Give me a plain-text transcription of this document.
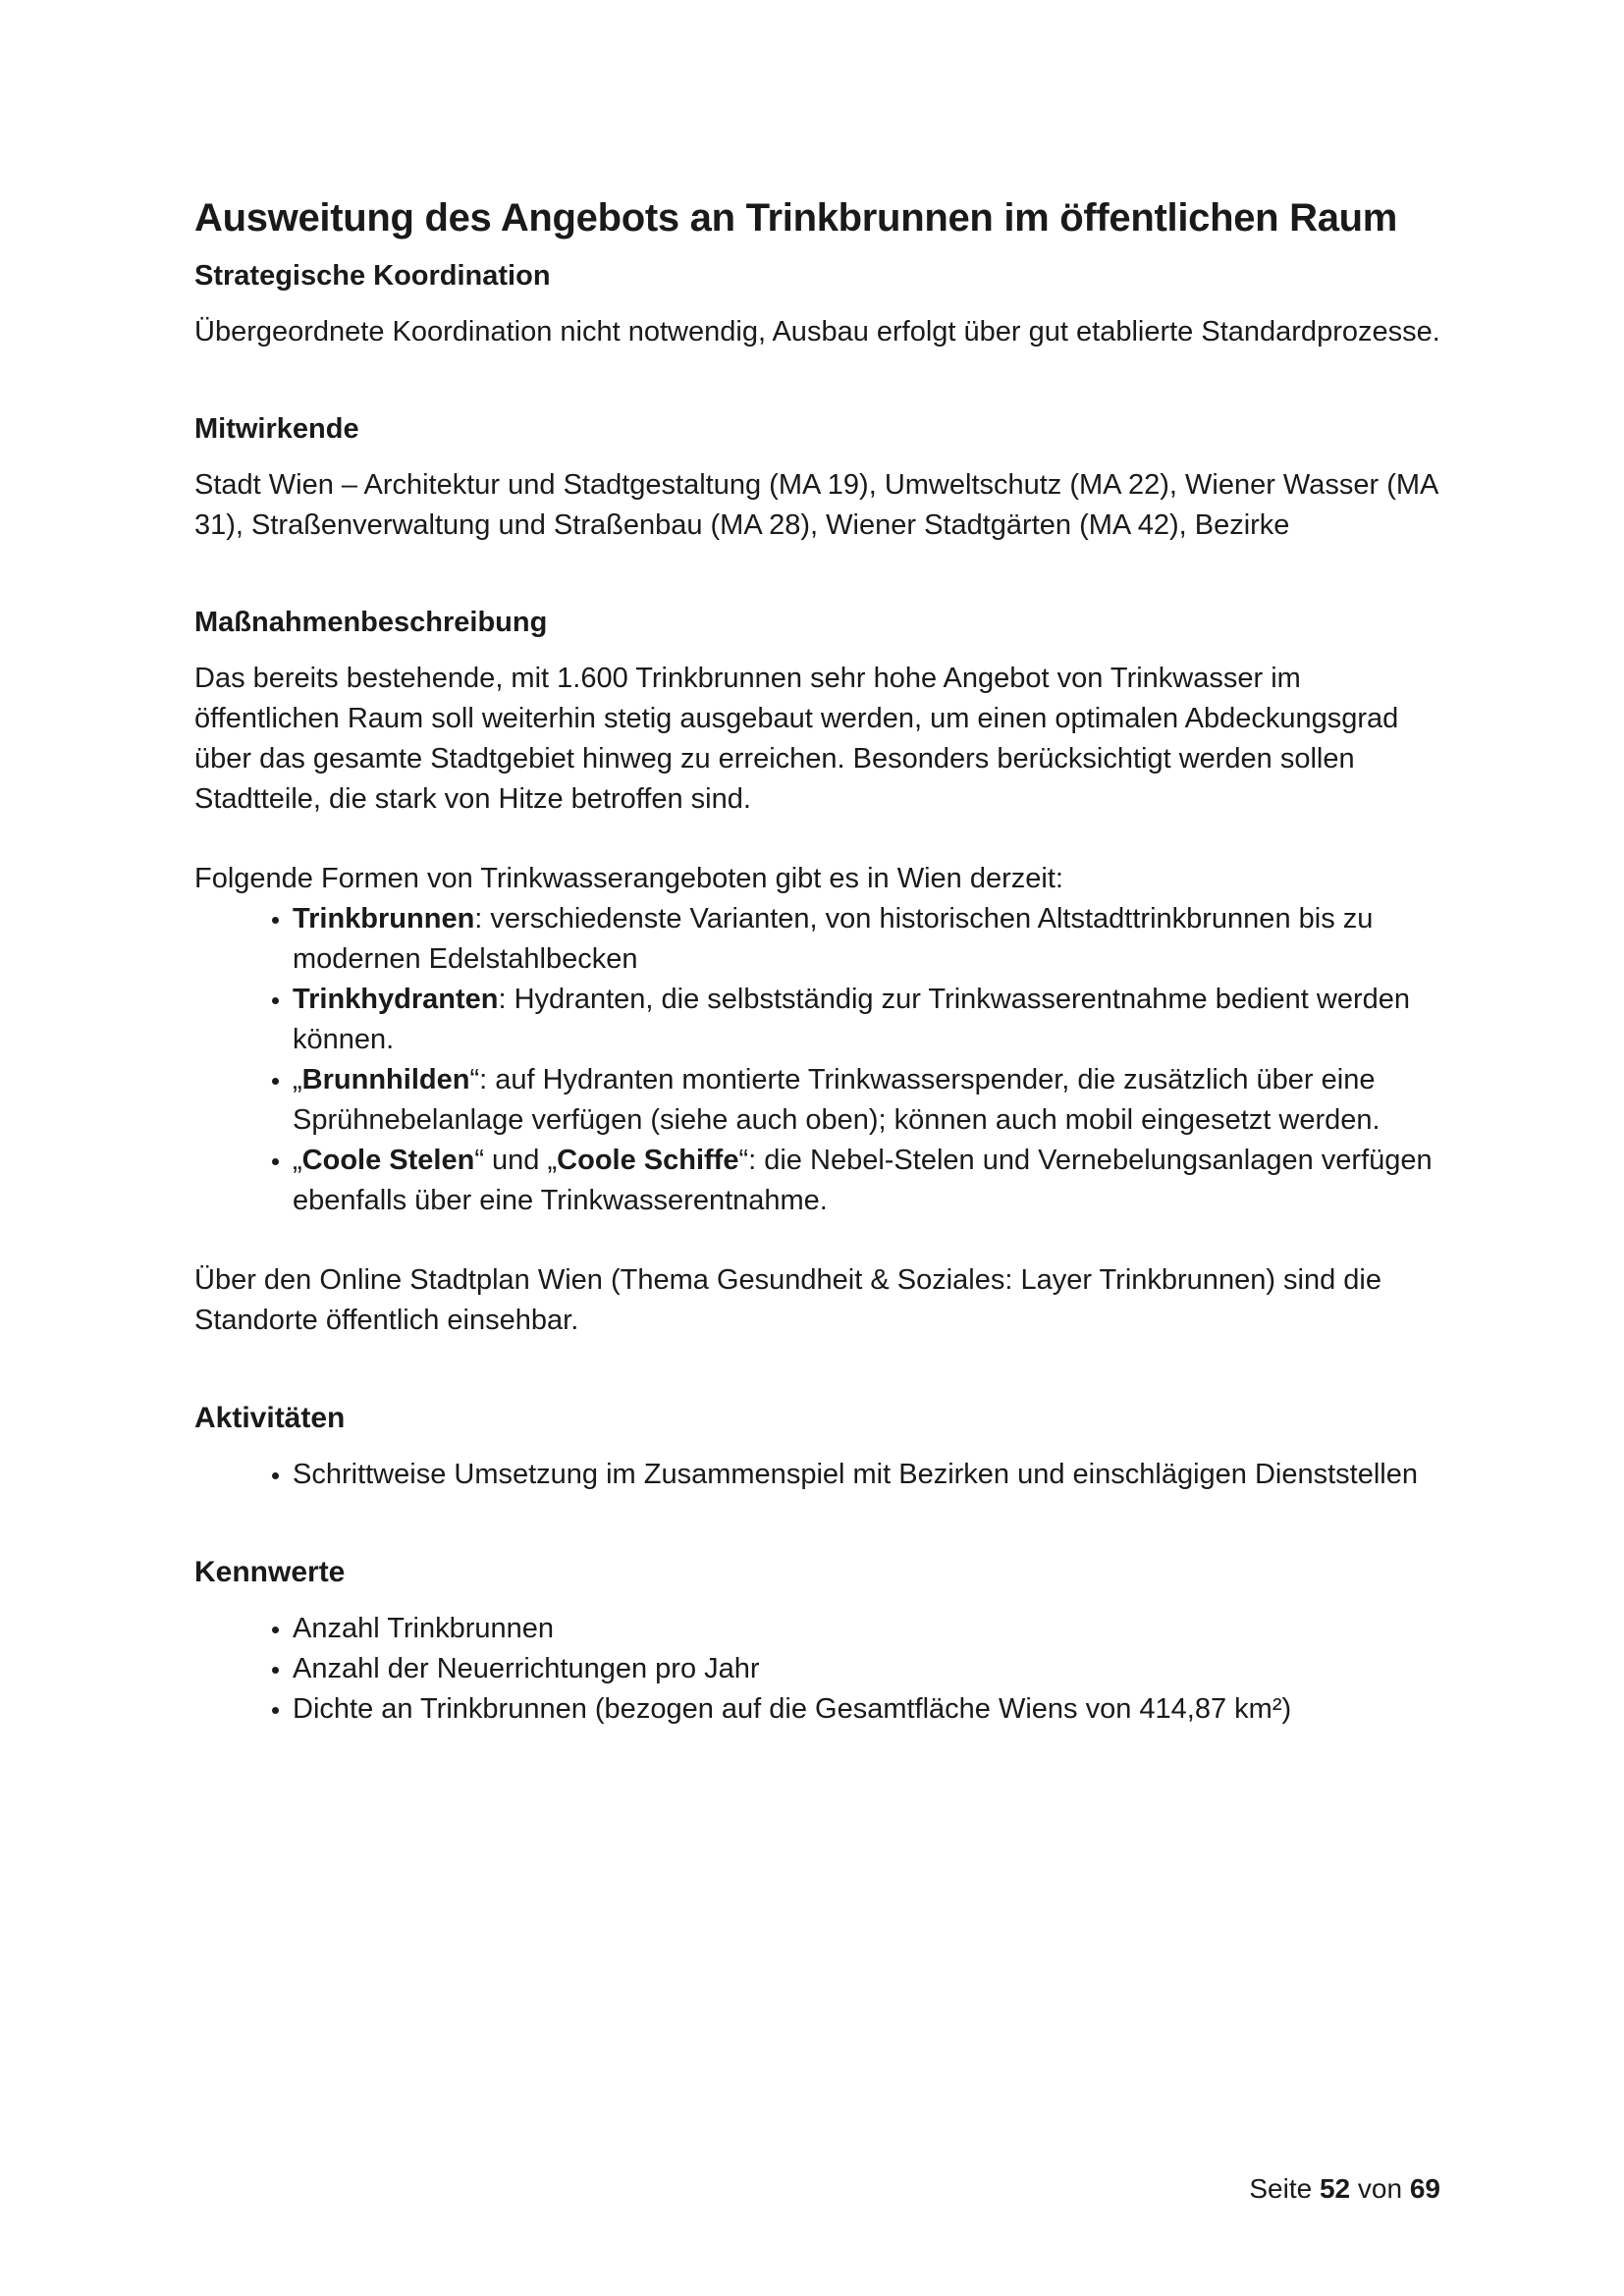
Ausweitung des Angebots an Trinkbrunnen im öffentlichen Raum
Strategische Koordination

Übergeordnete Koordination nicht notwendig, Ausbau erfolgt über gut etablierte Standardprozesse.

Mitwirkende

Stadt Wien – Architektur und Stadtgestaltung (MA 19), Umweltschutz (MA 22), Wiener Wasser (MA 31), Straßenverwaltung und Straßenbau (MA 28), Wiener Stadtgärten (MA 42), Bezirke

Maßnahmenbeschreibung

Das bereits bestehende, mit 1.600 Trinkbrunnen sehr hohe Angebot von Trinkwasser im öffentlichen Raum soll weiterhin stetig ausgebaut werden, um einen optimalen Abdeckungsgrad über das gesamte Stadtgebiet hinweg zu erreichen. Besonders berücksichtigt werden sollen Stadtteile, die stark von Hitze betroffen sind.

Folgende Formen von Trinkwasserangeboten gibt es in Wien derzeit:

• Trinkbrunnen: verschiedenste Varianten, von historischen Altstadttrinkbrunnen bis zu modernen Edelstahlbecken
• Trinkhydranten: Hydranten, die selbstständig zur Trinkwasserentnahme bedient werden können.
• „Brunnhilden“: auf Hydranten montierte Trinkwasserspender, die zusätzlich über eine Sprühnebelanlage verfügen (siehe auch oben); können auch mobil eingesetzt werden.
• „Coole Stelen“ und „Coole Schiffe“: die Nebel-Stelen und Vernebelungsanlagen verfügen ebenfalls über eine Trinkwasserentnahme.

Über den Online Stadtplan Wien (Thema Gesundheit & Soziales: Layer Trinkbrunnen) sind die Standorte öffentlich einsehbar.

Aktivitäten
• Schrittweise Umsetzung im Zusammenspiel mit Bezirken und einschlägigen Dienststellen
Kennwerte
• Anzahl Trinkbrunnen
• Anzahl der Neuerrichtungen pro Jahr
• Dichte an Trinkbrunnen (bezogen auf die Gesamtfläche Wiens von 414,87 km²)
Seite 52 von 69
